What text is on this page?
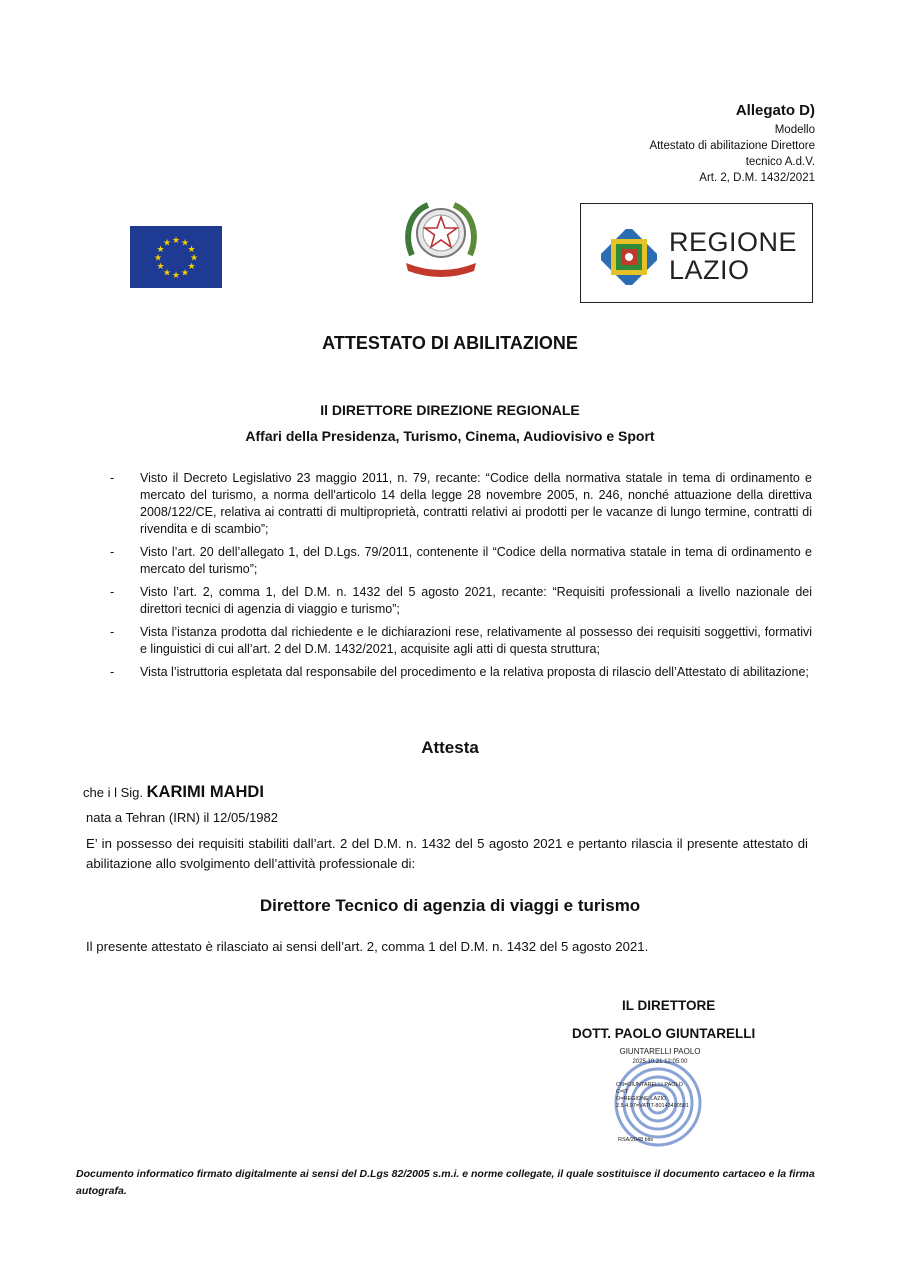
Allegato D)
Modello
Attestato di abilitazione Direttore
tecnico A.d.V.
Art. 2, D.M. 1432/2021
★ ★
★
★
★
★
★
★
★
★
★
★	REGIONE
LAZIO
ATTESTATO DI ABILITAZIONE
Il DIRETTORE DIREZIONE REGIONALE
Affari della Presidenza, Turismo, Cinema, Audiovisivo e Sport
- Visto il Decreto Legislativo 23 maggio 2011, n. 79, recante: “Codice della normativa statale in tema di ordinamento e mercato del turismo, a norma dell'articolo 14 della legge 28 novembre 2005, n. 246, nonché attuazione della direttiva 2008/122/CE, relativa ai contratti di multiproprietà, contratti relativi ai prodotti per le vacanze di lungo termine, contratti di rivendita e di scambio”;
- Visto l’art. 20 dell’allegato 1, del D.Lgs. 79/2011, contenente il “Codice della normativa statale in tema di ordinamento e mercato del turismo”;
- Visto l’art. 2, comma 1, del D.M. n. 1432 del 5 agosto 2021, recante: “Requisiti professionali a livello nazionale dei direttori tecnici di agenzia di viaggio e turismo”;
- Vista l’istanza prodotta dal richiedente e le dichiarazioni rese, relativamente al possesso dei requisiti soggettivi, formativi e linguistici di cui all’art. 2 del D.M. 1432/2021, acquisite agli atti di questa struttura;
- Vista l’istruttoria espletata dal responsabile del procedimento e la relativa proposta di rilascio dell’Attestato di abilitazione;
Attesta
che i l Sig. KARIMI MAHDI
nata a Tehran (IRN) il 12/05/1982
E’ in possesso dei requisiti stabiliti dall’art. 2 del D.M. n. 1432 del 5 agosto 2021 e pertanto rilascia il presente attestato di abilitazione allo svolgimento dell’attività professionale di:
Direttore Tecnico di agenzia di viaggi e turismo
Il presente attestato è rilasciato ai sensi dell’art. 2, comma 1 del D.M. n. 1432 del 5 agosto 2021.
IL DIRETTORE
DOTT. PAOLO GIUNTARELLI
GIUNTARELLI PAOLO
2025.10.21 12:05:00
CN=GIUNTARELLI PAOLO
C=IT
O=REGIONE LAZIO
2.5.4.97=VATIT-80143490581
RSA/2048 bits
Documento informatico firmato digitalmente ai sensi del D.Lgs 82/2005 s.m.i. e norme collegate, il quale sostituisce il documento cartaceo e la firma autografa.
